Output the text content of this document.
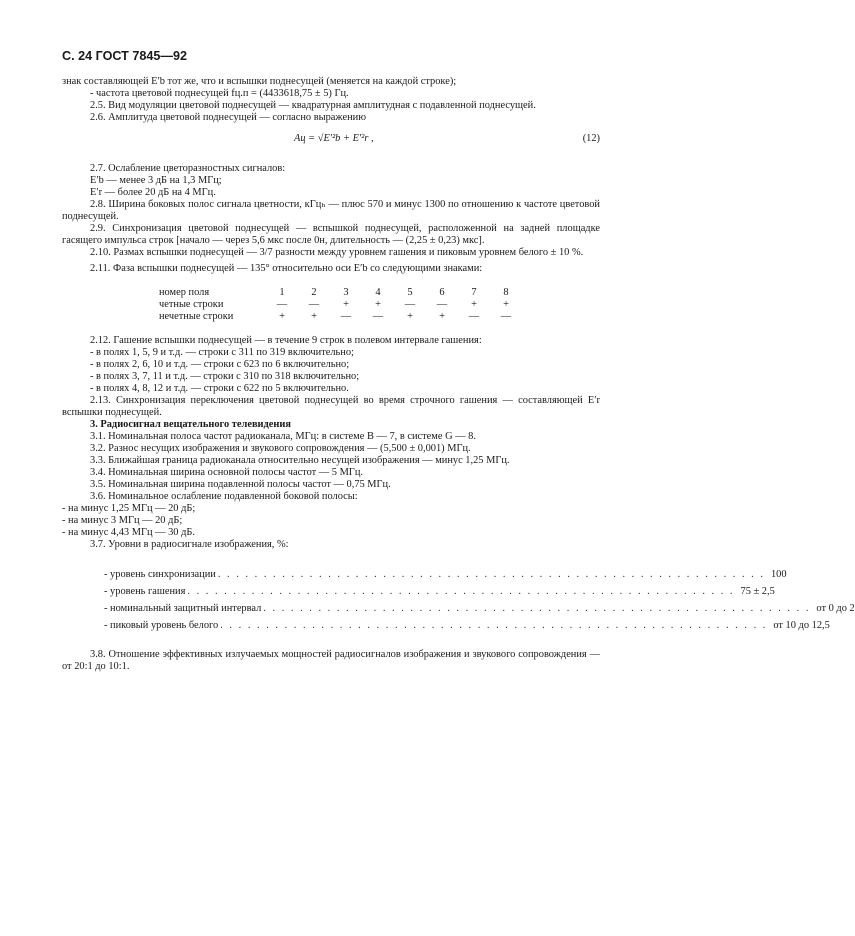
С. 24 ГОСТ 7845—92

знак составляющей E′b тот же, что и вспышки поднесущей (меняется на каждой строке);

- частота цветовой поднесущей fц.п = (4433618,75 ± 5) Гц.

2.5. Вид модуляции цветовой поднесущей — квадратурная амплитудная с подавленной поднесущей.

2.6. Амплитуда цветовой поднесущей — согласно выражению

Aц = √E′²b + E′²r ,	(12)

2.7. Ослабление цветоразностных сигналов:

E′b — менее 3 дБ на 1,3 МГц;

E′r — более 20 дБ на 4 МГц.

2.8. Ширина боковых полос сигнала цветности, кГцₕ — плюс 570 и минус 1300 по отношению к частоте цветовой поднесущей.

2.9. Синхронизация цветовой поднесущей — вспышкой поднесущей, расположенной на задней площадке гасящего импульса строк [начало — через 5,6 мкс после 0н, длительность — (2,25 ± 0,23) мкс].

2.10. Размах вспышки поднесущей — 3/7 разности между уровнем гашения и пиковым уровнем белого ± 10 %.

2.11. Фаза вспышки поднесущей — 135° относительно оси E′b со следующими знаками:

номер поля	1	2	3	4	5	6	7	8
четные строки	—	—	+	+	—	—	+	+
нечетные строки	+	+	—	—	+	+	—	—

2.12. Гашение вспышки поднесущей — в течение 9 строк в полевом интервале гашения:

- в полях 1, 5, 9 и т.д. — строки с 311 по 319 включительно;

- в полях 2, 6, 10 и т.д. — строки с 623 по 6 включительно;

- в полях 3, 7, 11 и т.д. — строки с 310 по 318 включительно;

- в полях 4, 8, 12 и т.д. — строки с 622 по 5 включительно.

2.13. Синхронизация переключения цветовой поднесущей во время строчного гашения — составляющей E′r вспышки поднесущей.

3. Радиосигнал вещательного телевидения

3.1. Номинальная полоса частот радиоканала, МГц: в системе В — 7, в системе G — 8.

3.2. Разнос несущих изображения и звукового сопровождения — (5,500 ± 0,001) МГц.

3.3. Ближайшая граница радиоканала относительно несущей изображения — минус 1,25 МГц.

3.4. Номинальная ширина основной полосы частот — 5 МГц.

3.5. Номинальная ширина подавленной полосы частот — 0,75 МГц.

3.6. Номинальное ослабление подавленной боковой полосы:

- на минус 1,25 МГц — 20 дБ;

- на минус 3 МГц — 20 дБ;

- на минус 4,43 МГц — 30 дБ.

3.7. Уровни в радиосигнале изображения, %:

- уровень синхронизации . . . . . . . . . . . . . . . . . . . . . . . . . . . . . . . . . . . . . . . . . . . . . . . . . . . . . . . . . . . . 100
- уровень гашения . . . . . . . . . . . . . . . . . . . . . . . . . . . . . . . . . . . . . . . . . . . . . . . . . . . . . . . . . . . . 75 ± 2,5
- номинальный защитный интервал . . . . . . . . . . . . . . . . . . . . . . . . . . . . . . . . . . . . . . . . . . . . . . . . . . . . . . . . . . . . от 0 до 2
- пиковый уровень белого . . . . . . . . . . . . . . . . . . . . . . . . . . . . . . . . . . . . . . . . . . . . . . . . . . . . . . . . . . . . от 10 до 12,5

3.8. Отношение эффективных излучаемых мощностей радиосигналов изображения и звукового сопровождения — от 20:1 до 10:1.
